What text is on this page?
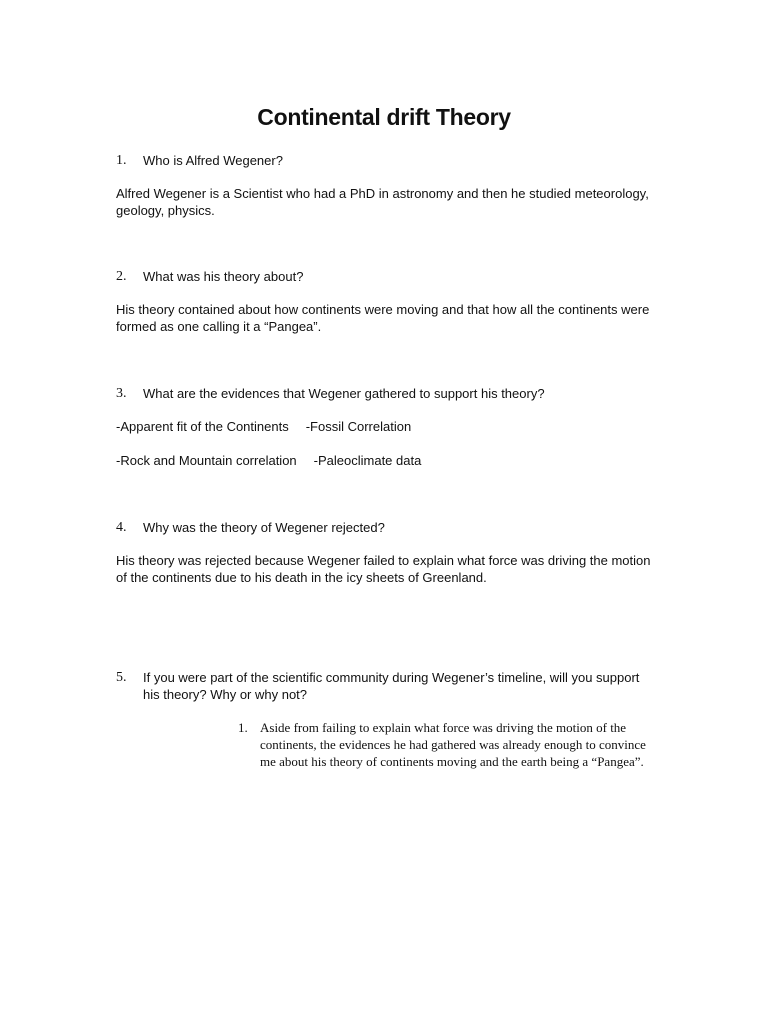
Continental drift Theory
1. Who is Alfred Wegener?
Alfred Wegener is a Scientist who had a PhD in astronomy and then he studied meteorology, geology, physics.
2. What was his theory about?
His theory contained about how continents were moving and that how all the continents were formed as one calling it a “Pangea”.
3. What are the evidences that Wegener gathered to support his theory?
-Apparent fit of the Continents -Fossil Correlation
-Rock and Mountain correlation -Paleoclimate data
4. Why was the theory of Wegener rejected?
His theory was rejected because Wegener failed to explain what force was driving the motion of the continents due to his death in the icy sheets of Greenland.
5. If you were part of the scientific community during Wegener’s timeline, will you support his theory? Why or why not?
1. Aside from failing to explain what force was driving the motion of the continents, the evidences he had gathered was already enough to convince me about his theory of continents moving and the earth being a “Pangea”.
